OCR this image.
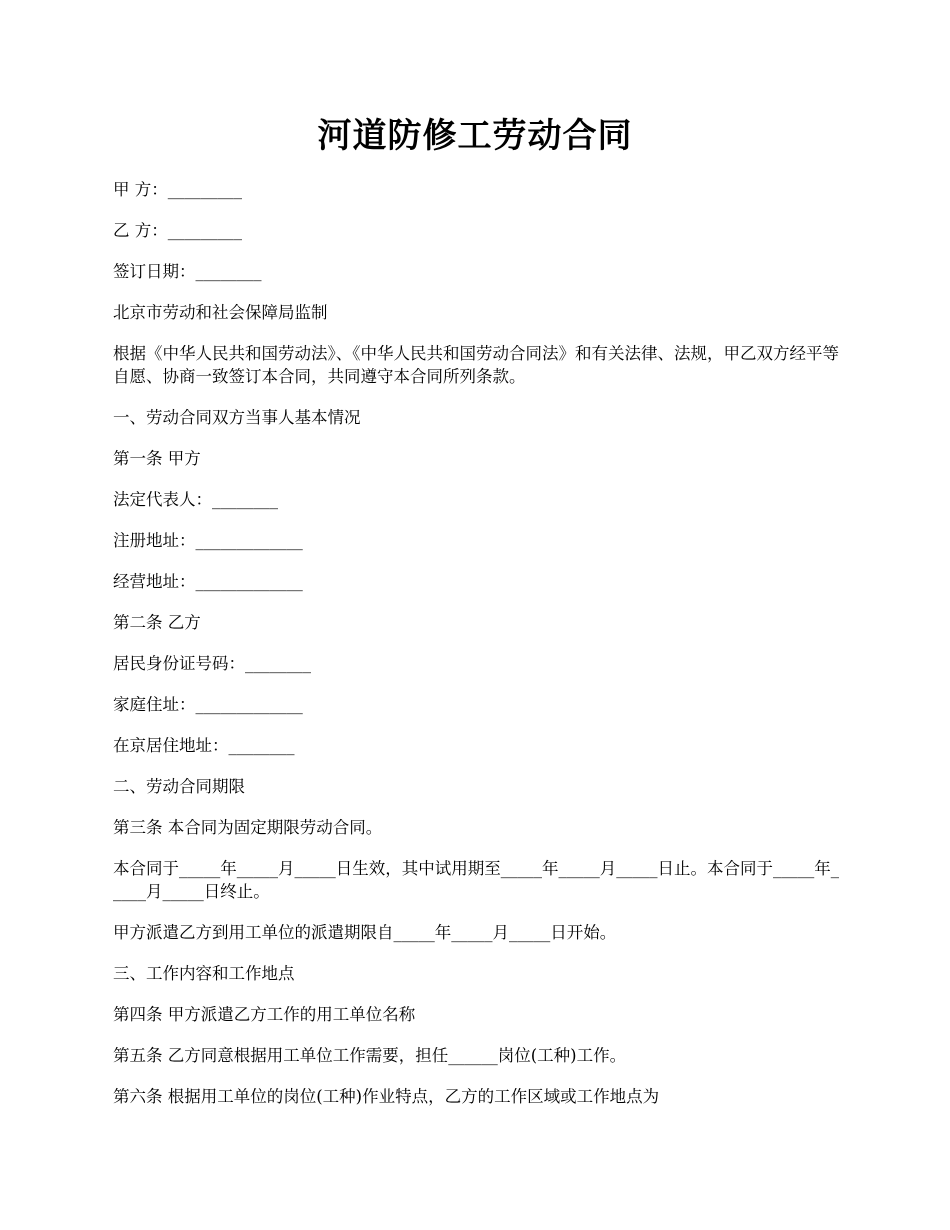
河道防修工劳动合同

甲 方：_________

乙 方：_________

签订日期：________

北京市劳动和社会保障局监制

根据《中华人民共和国劳动法》、《中华人民共和国劳动合同法》和有关法律、法规，甲乙双方经平等自愿、协商一致签订本合同，共同遵守本合同所列条款。

一、劳动合同双方当事人基本情况

第一条 甲方

法定代表人：________

注册地址：_____________

经营地址：_____________

第二条 乙方

居民身份证号码：________

家庭住址：_____________

在京居住地址：________

二、劳动合同期限

第三条 本合同为固定期限劳动合同。

本合同于_____年_____月_____日生效，其中试用期至_____年_____月_____日止。本合同于_____年_____月_____日终止。

甲方派遣乙方到用工单位的派遣期限自_____年_____月_____日开始。

三、工作内容和工作地点

第四条 甲方派遣乙方工作的用工单位名称

第五条 乙方同意根据用工单位工作需要，担任______岗位(工种)工作。

第六条 根据用工单位的岗位(工种)作业特点，乙方的工作区域或工作地点为
